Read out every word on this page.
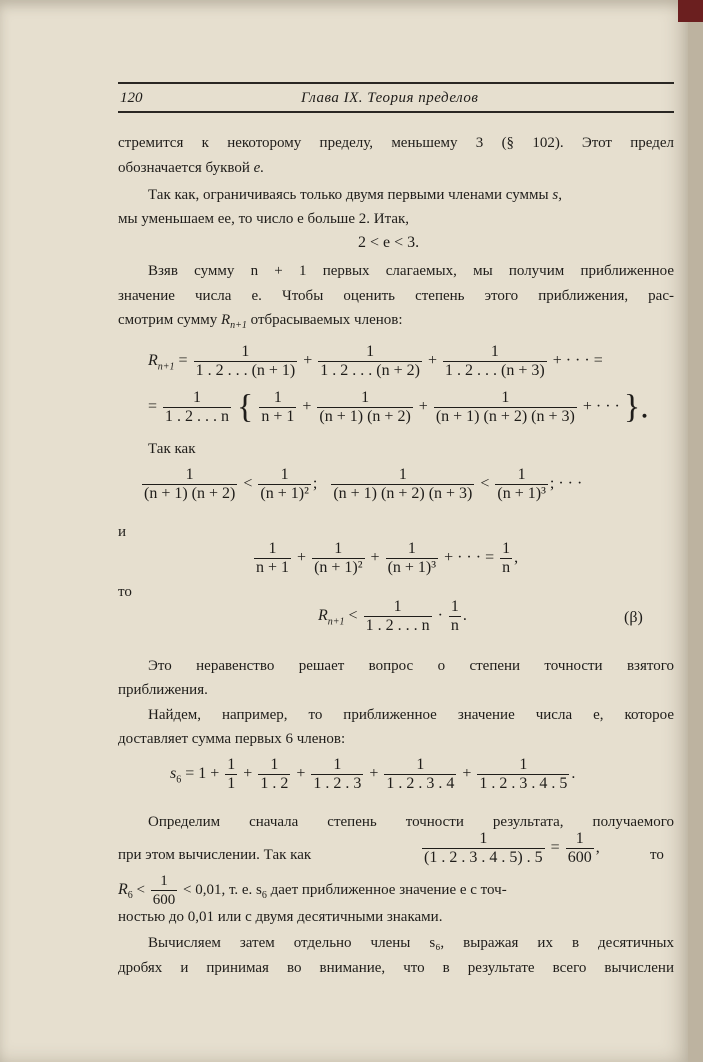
120	Глава IX. Теория пределов
стремится к некоторому пределу, меньшему 3 (§ 102). Этот предел
обозначается буквой e.
Так как, ограничиваясь только двумя первыми членами суммы s,
мы уменьшаем ее, то число e больше 2. Итак,
2 < e < 3.
Взяв сумму n + 1 первых слагаемых, мы получим приближенное
значение числа e. Чтобы оценить степень этого приближения, рас-
смотрим сумму $R_{n+1}$ отбрасываемых членов:
$R_{n+1} = \frac{1}{1 . 2 . . . (n + 1)} + \frac{1}{1 . 2 . . . (n + 2)} + \frac{1}{1 . 2 . . . (n + 3)}$ + · · · =
= $\frac{1}{1 . 2 . . . n}$ { $\frac{1}{n + 1} + \frac{1}{(n + 1) (n + 2)} + \frac{1}{(n + 1) (n + 2) (n + 3)}$ + · · · }.
Так как
$\frac{1}{(n + 1) (n + 2)} < \frac{1}{\text{(n + 1)²}}$ ; $\frac{1}{(n + 1) (n + 2) (n + 3)} < \frac{1}{\text{(n + 1)³}}$ ; · · ·
и
$\frac{1}{n + 1} + \frac{1}{\text{(n + 1)²}} + \frac{1}{\text{(n + 1)³}}$ + · · · = $\frac{1}{n}$ ,
то
$R_{n+1} < \frac{1}{1 . 2 . . . n} \cdot \frac{1}{n}$ .	(β)
Это неравенство решает вопрос о степени точности взятого
приближения.
Найдем, например, то приближенное значение числа e, которое
доставляет сумма первых 6 членов:
$s_6 = 1 + \frac{1}{1} + \frac{1}{1 . 2} + \frac{1}{1 . 2 . 3} + \frac{1}{1 . 2 . 3 . 4} + \frac{1}{1 . 2 . 3 . 4 . 5}$ .
Определим сначала степень точности результата, получаемого
при этом вычислении. Так как	$\frac{1}{(1 . 2 . 3 . 4 . 5) . 5} = \frac{1}{600}$ ,	то
$R_6 < \frac{1}{600} < 0,01$, т. е. $s_6$ дает приближенное значение e с точ-
ностью до 0,01 или с двумя десятичными знаками.
Вычисляем затем отдельно члены s₆, выражая их в десятичных
дробях и принимая во внимание, что в результате всего вычислени
